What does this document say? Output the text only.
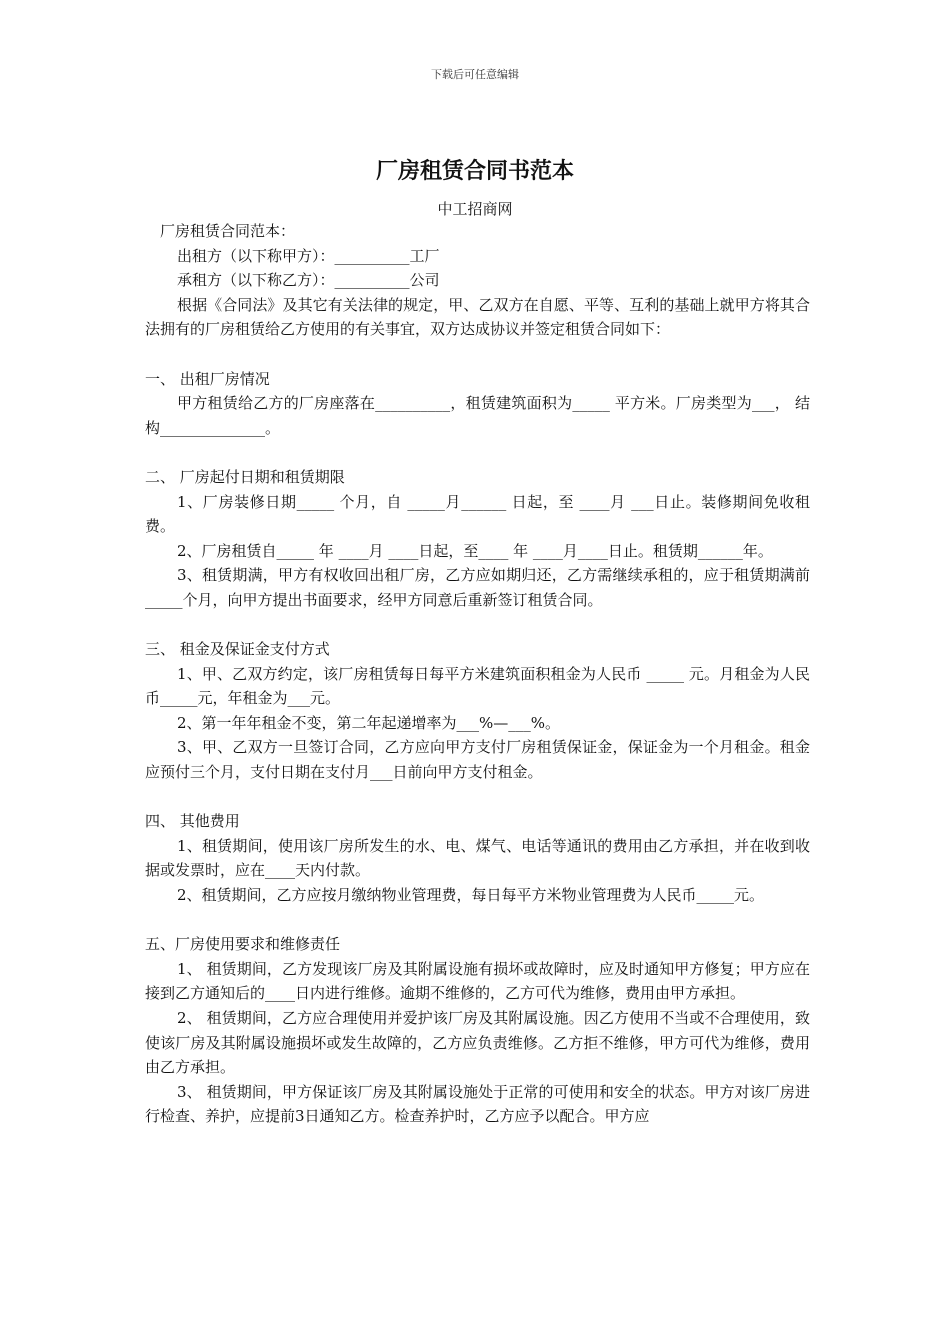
下载后可任意编辑
厂房租赁合同书范本
中工招商网

厂房租赁合同范本：

出租方（以下称甲方）：__________工厂

承租方（以下称乙方）：__________公司

根据《合同法》及其它有关法律的规定，甲、乙双方在自愿、平等、互利的基础上就甲方将其合法拥有的厂房租赁给乙方使用的有关事宜，双方达成协议并签定租赁合同如下：

一、 出租厂房情况

甲方租赁给乙方的厂房座落在__________，租赁建筑面积为_____ 平方米。厂房类型为___， 结构______________。

二、 厂房起付日期和租赁期限

1、厂房装修日期_____ 个月，自 _____月______ 日起，至 ____月 ___日止。装修期间免收租费。

2、厂房租赁自_____ 年 ____月 ____日起，至____ 年 ____月____日止。租赁期______年。

3、租赁期满，甲方有权收回出租厂房，乙方应如期归还，乙方需继续承租的，应于租赁期满前_____个月，向甲方提出书面要求，经甲方同意后重新签订租赁合同。

三、 租金及保证金支付方式

1、甲、乙双方约定，该厂房租赁每日每平方米建筑面积租金为人民币 _____ 元。月租金为人民币_____元，年租金为___元。

2、第一年年租金不变，第二年起递增率为___%—___%。

3、甲、乙双方一旦签订合同，乙方应向甲方支付厂房租赁保证金，保证金为一个月租金。租金应预付三个月，支付日期在支付月___日前向甲方支付租金。

四、 其他费用

1、租赁期间，使用该厂房所发生的水、电、煤气、电话等通讯的费用由乙方承担，并在收到收据或发票时，应在____天内付款。

2、租赁期间，乙方应按月缴纳物业管理费，每日每平方米物业管理费为人民币_____元。

五、厂房使用要求和维修责任

1、 租赁期间，乙方发现该厂房及其附属设施有损坏或故障时，应及时通知甲方修复；甲方应在接到乙方通知后的____日内进行维修。逾期不维修的，乙方可代为维修，费用由甲方承担。

2、 租赁期间，乙方应合理使用并爱护该厂房及其附属设施。因乙方使用不当或不合理使用，致使该厂房及其附属设施损坏或发生故障的，乙方应负责维修。乙方拒不维修，甲方可代为维修，费用由乙方承担。

3、 租赁期间，甲方保证该厂房及其附属设施处于正常的可使用和安全的状态。甲方对该厂房进行检查、养护，应提前3日通知乙方。检查养护时，乙方应予以配合。甲方应
